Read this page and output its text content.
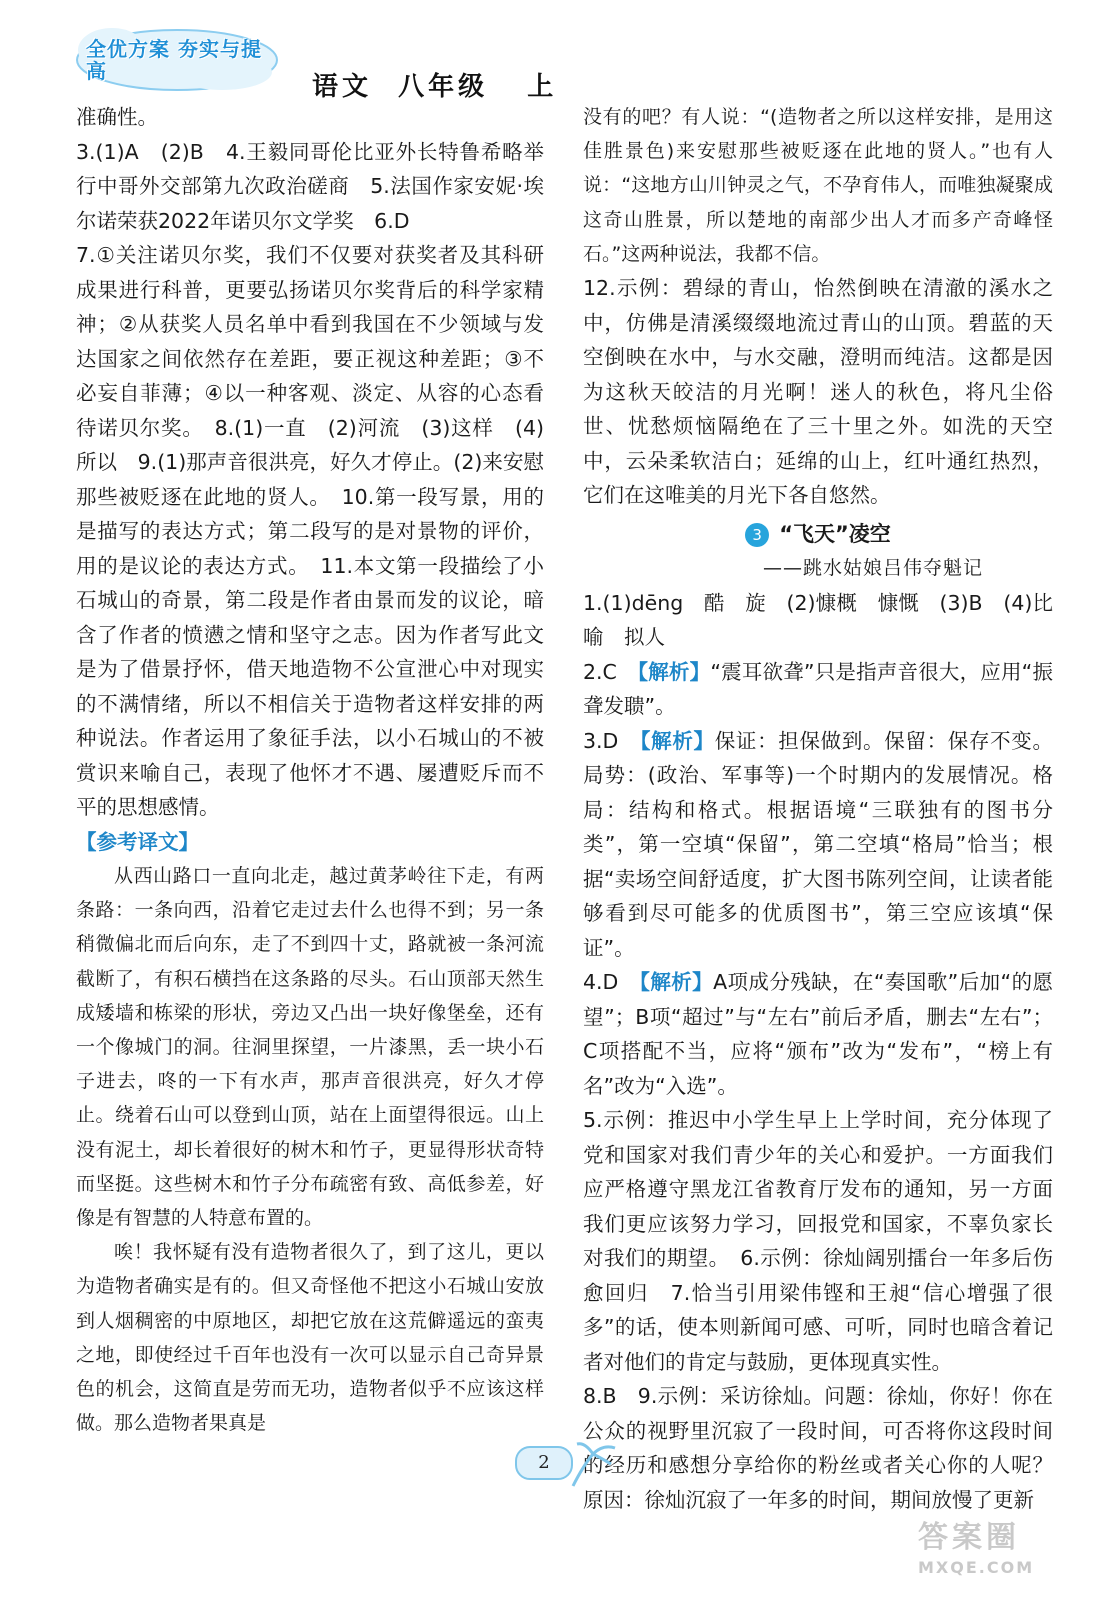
全优方案 夯实与提高
语文  八年级   上

准确性。

3.(1)A　(2)B　4.王毅同哥伦比亚外长特鲁希略举行中哥外交部第九次政治磋商　5.法国作家安妮·埃尔诺荣获2022年诺贝尔文学奖　6.D

7.①关注诺贝尔奖，我们不仅要对获奖者及其科研成果进行科普，更要弘扬诺贝尔奖背后的科学家精神；②从获奖人员名单中看到我国在不少领域与发达国家之间依然存在差距，要正视这种差距；③不必妄自菲薄；④以一种客观、淡定、从容的心态看待诺贝尔奖。　8.(1)一直　(2)河流　(3)这样　(4)所以　9.(1)那声音很洪亮，好久才停止。(2)来安慰那些被贬逐在此地的贤人。　10.第一段写景，用的是描写的表达方式；第二段写的是对景物的评价，用的是议论的表达方式。　11.本文第一段描绘了小石城山的奇景，第二段是作者由景而发的议论，暗含了作者的愤懑之情和坚守之志。因为作者写此文是为了借景抒怀，借天地造物不公宣泄心中对现实的不满情绪，所以不相信关于造物者这样安排的两种说法。作者运用了象征手法，以小石城山的不被赏识来喻自己，表现了他怀才不遇、屡遭贬斥而不平的思想感情。

【参考译文】

从西山路口一直向北走，越过黄茅岭往下走，有两条路：一条向西，沿着它走过去什么也得不到；另一条稍微偏北而后向东，走了不到四十丈，路就被一条河流截断了，有积石横挡在这条路的尽头。石山顶部天然生成矮墙和栋梁的形状，旁边又凸出一块好像堡垒，还有一个像城门的洞。往洞里探望，一片漆黑，丢一块小石子进去，咚的一下有水声，那声音很洪亮，好久才停止。绕着石山可以登到山顶，站在上面望得很远。山上没有泥土，却长着很好的树木和竹子，更显得形状奇特而坚挺。这些树木和竹子分布疏密有致、高低参差，好像是有智慧的人特意布置的。

唉！我怀疑有没有造物者很久了，到了这儿，更以为造物者确实是有的。但又奇怪他不把这小石城山安放到人烟稠密的中原地区，却把它放在这荒僻遥远的蛮夷之地，即使经过千百年也没有一次可以显示自己奇异景色的机会，这简直是劳而无功，造物者似乎不应该这样做。那么造物者果真是

没有的吧？有人说：“(造物者之所以这样安排，是用这佳胜景色)来安慰那些被贬逐在此地的贤人。”也有人说：“这地方山川钟灵之气，不孕育伟人，而唯独凝聚成这奇山胜景，所以楚地的南部少出人才而多产奇峰怪石。”这两种说法，我都不信。

12.示例：碧绿的青山，怡然倒映在清澈的溪水之中，仿佛是清溪缀缀地流过青山的山顶。碧蓝的天空倒映在水中，与水交融，澄明而纯洁。这都是因为这秋天皎洁的月光啊！迷人的秋色，将凡尘俗世、忧愁烦恼隔绝在了三十里之外。如洗的天空中，云朵柔软洁白；延绵的山上，红叶通红热烈，它们在这唯美的月光下各自悠然。

3 “飞天”凌空

——跳水姑娘吕伟夺魁记

1.(1)dēng　酷　旋　(2)慷概　慷慨　(3)B　(4)比喻　拟人

2.C　【解析】“震耳欲聋”只是指声音很大，应用“振聋发聩”。

3.D　【解析】保证：担保做到。保留：保存不变。局势：(政治、军事等)一个时期内的发展情况。格局：结构和格式。根据语境“三联独有的图书分类”，第一空填“保留”，第二空填“格局”恰当；根据“卖场空间舒适度，扩大图书陈列空间，让读者能够看到尽可能多的优质图书”，第三空应该填“保证”。

4.D　【解析】A项成分残缺，在“奏国歌”后加“的愿望”；B项“超过”与“左右”前后矛盾，删去“左右”；C项搭配不当，应将“颁布”改为“发布”，“榜上有名”改为“入选”。

5.示例：推迟中小学生早上上学时间，充分体现了党和国家对我们青少年的关心和爱护。一方面我们应严格遵守黑龙江省教育厅发布的通知，另一方面我们更应该努力学习，回报党和国家，不辜负家长对我们的期望。　6.示例：徐灿阔别擂台一年多后伤愈回归　7.恰当引用梁伟铿和王昶“信心增强了很多”的话，使本则新闻可感、可听，同时也暗含着记者对他们的肯定与鼓励，更体现真实性。

8.B　9.示例：采访徐灿。问题：徐灿，你好！你在公众的视野里沉寂了一段时间，可否将你这段时间的经历和感想分享给你的粉丝或者关心你的人呢？原因：徐灿沉寂了一年多的时间，期间放慢了更新

2
答案圈
MXQE.COM
